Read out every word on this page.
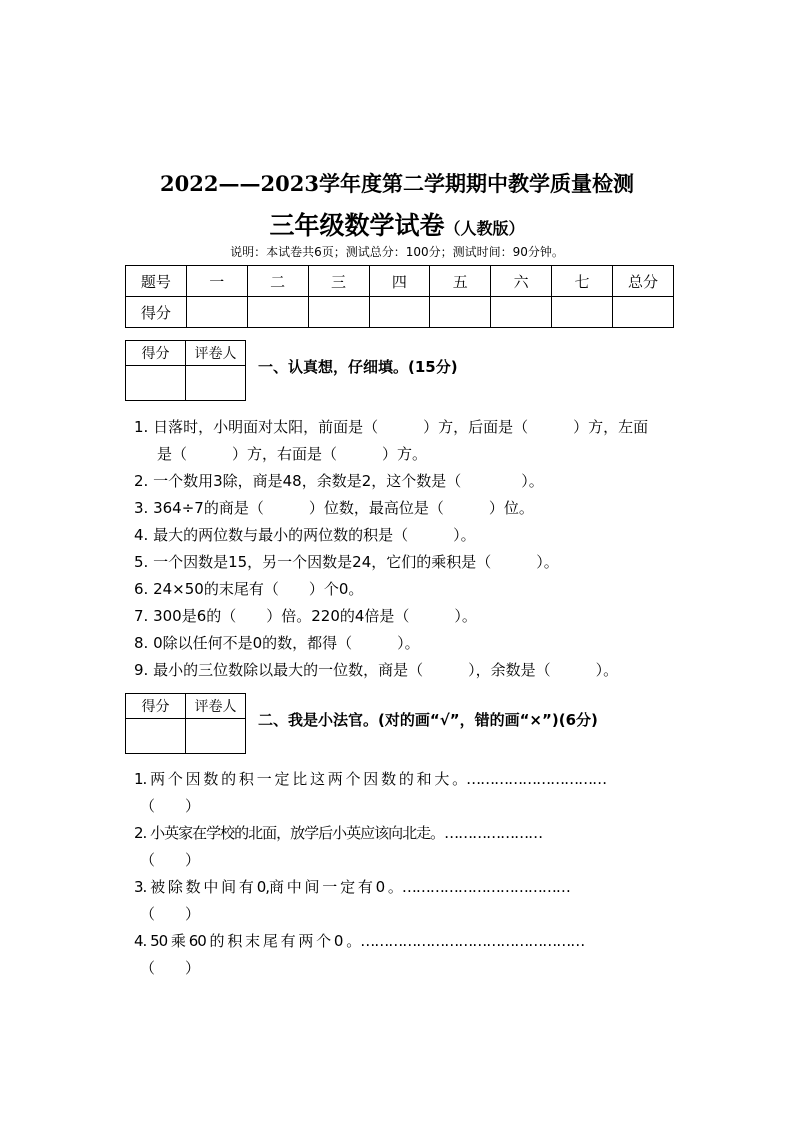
2022——2023学年度第二学期期中教学质量检测
三年级数学试卷（人教版）
说明：本试卷共6页；测试总分：100分；测试时间：90分钟。
题号	一	二	三	四	五	六	七	总分
得分								
得分	评卷人

一、认真想，仔细填。(15分)
1. 日落时，小明面对太阳，前面是（　　　）方，后面是（　　　）方，左面
是（　　　）方，右面是（　　　）方。
2. 一个数用3除，商是48，余数是2，这个数是（　　　　）。
3. 364÷7的商是（　　　）位数，最高位是（　　　）位。
4. 最大的两位数与最小的两位数的积是（　　　）。
5. 一个因数是15，另一个因数是24，它们的乘积是（　　　）。
6. 24×50的末尾有（　　）个0。
7. 300是6的（　　）倍。220的4倍是（　　　）。
8. 0除以任何不是0的数，都得（　　　）。
9. 最小的三位数除以最大的一位数，商是（　　　），余数是（　　　）。
得分	评卷人

二、我是小法官。(对的画“√”，错的画“×”)(6分)
1. 两 个 因 数 的 积 一 定 比 这 两 个 因 数 的 和 大 。…………………………
（　　）
2. 小英家在学校的北面，放学后小英应该向北走。…………………
（　　）
3. 被 除 数 中 间 有 0,商 中 间 一 定 有 0 。………………………………
（　　）
4. 50 乘 60 的 积 末 尾 有 两 个 0 。…………………………………………
（　　）
